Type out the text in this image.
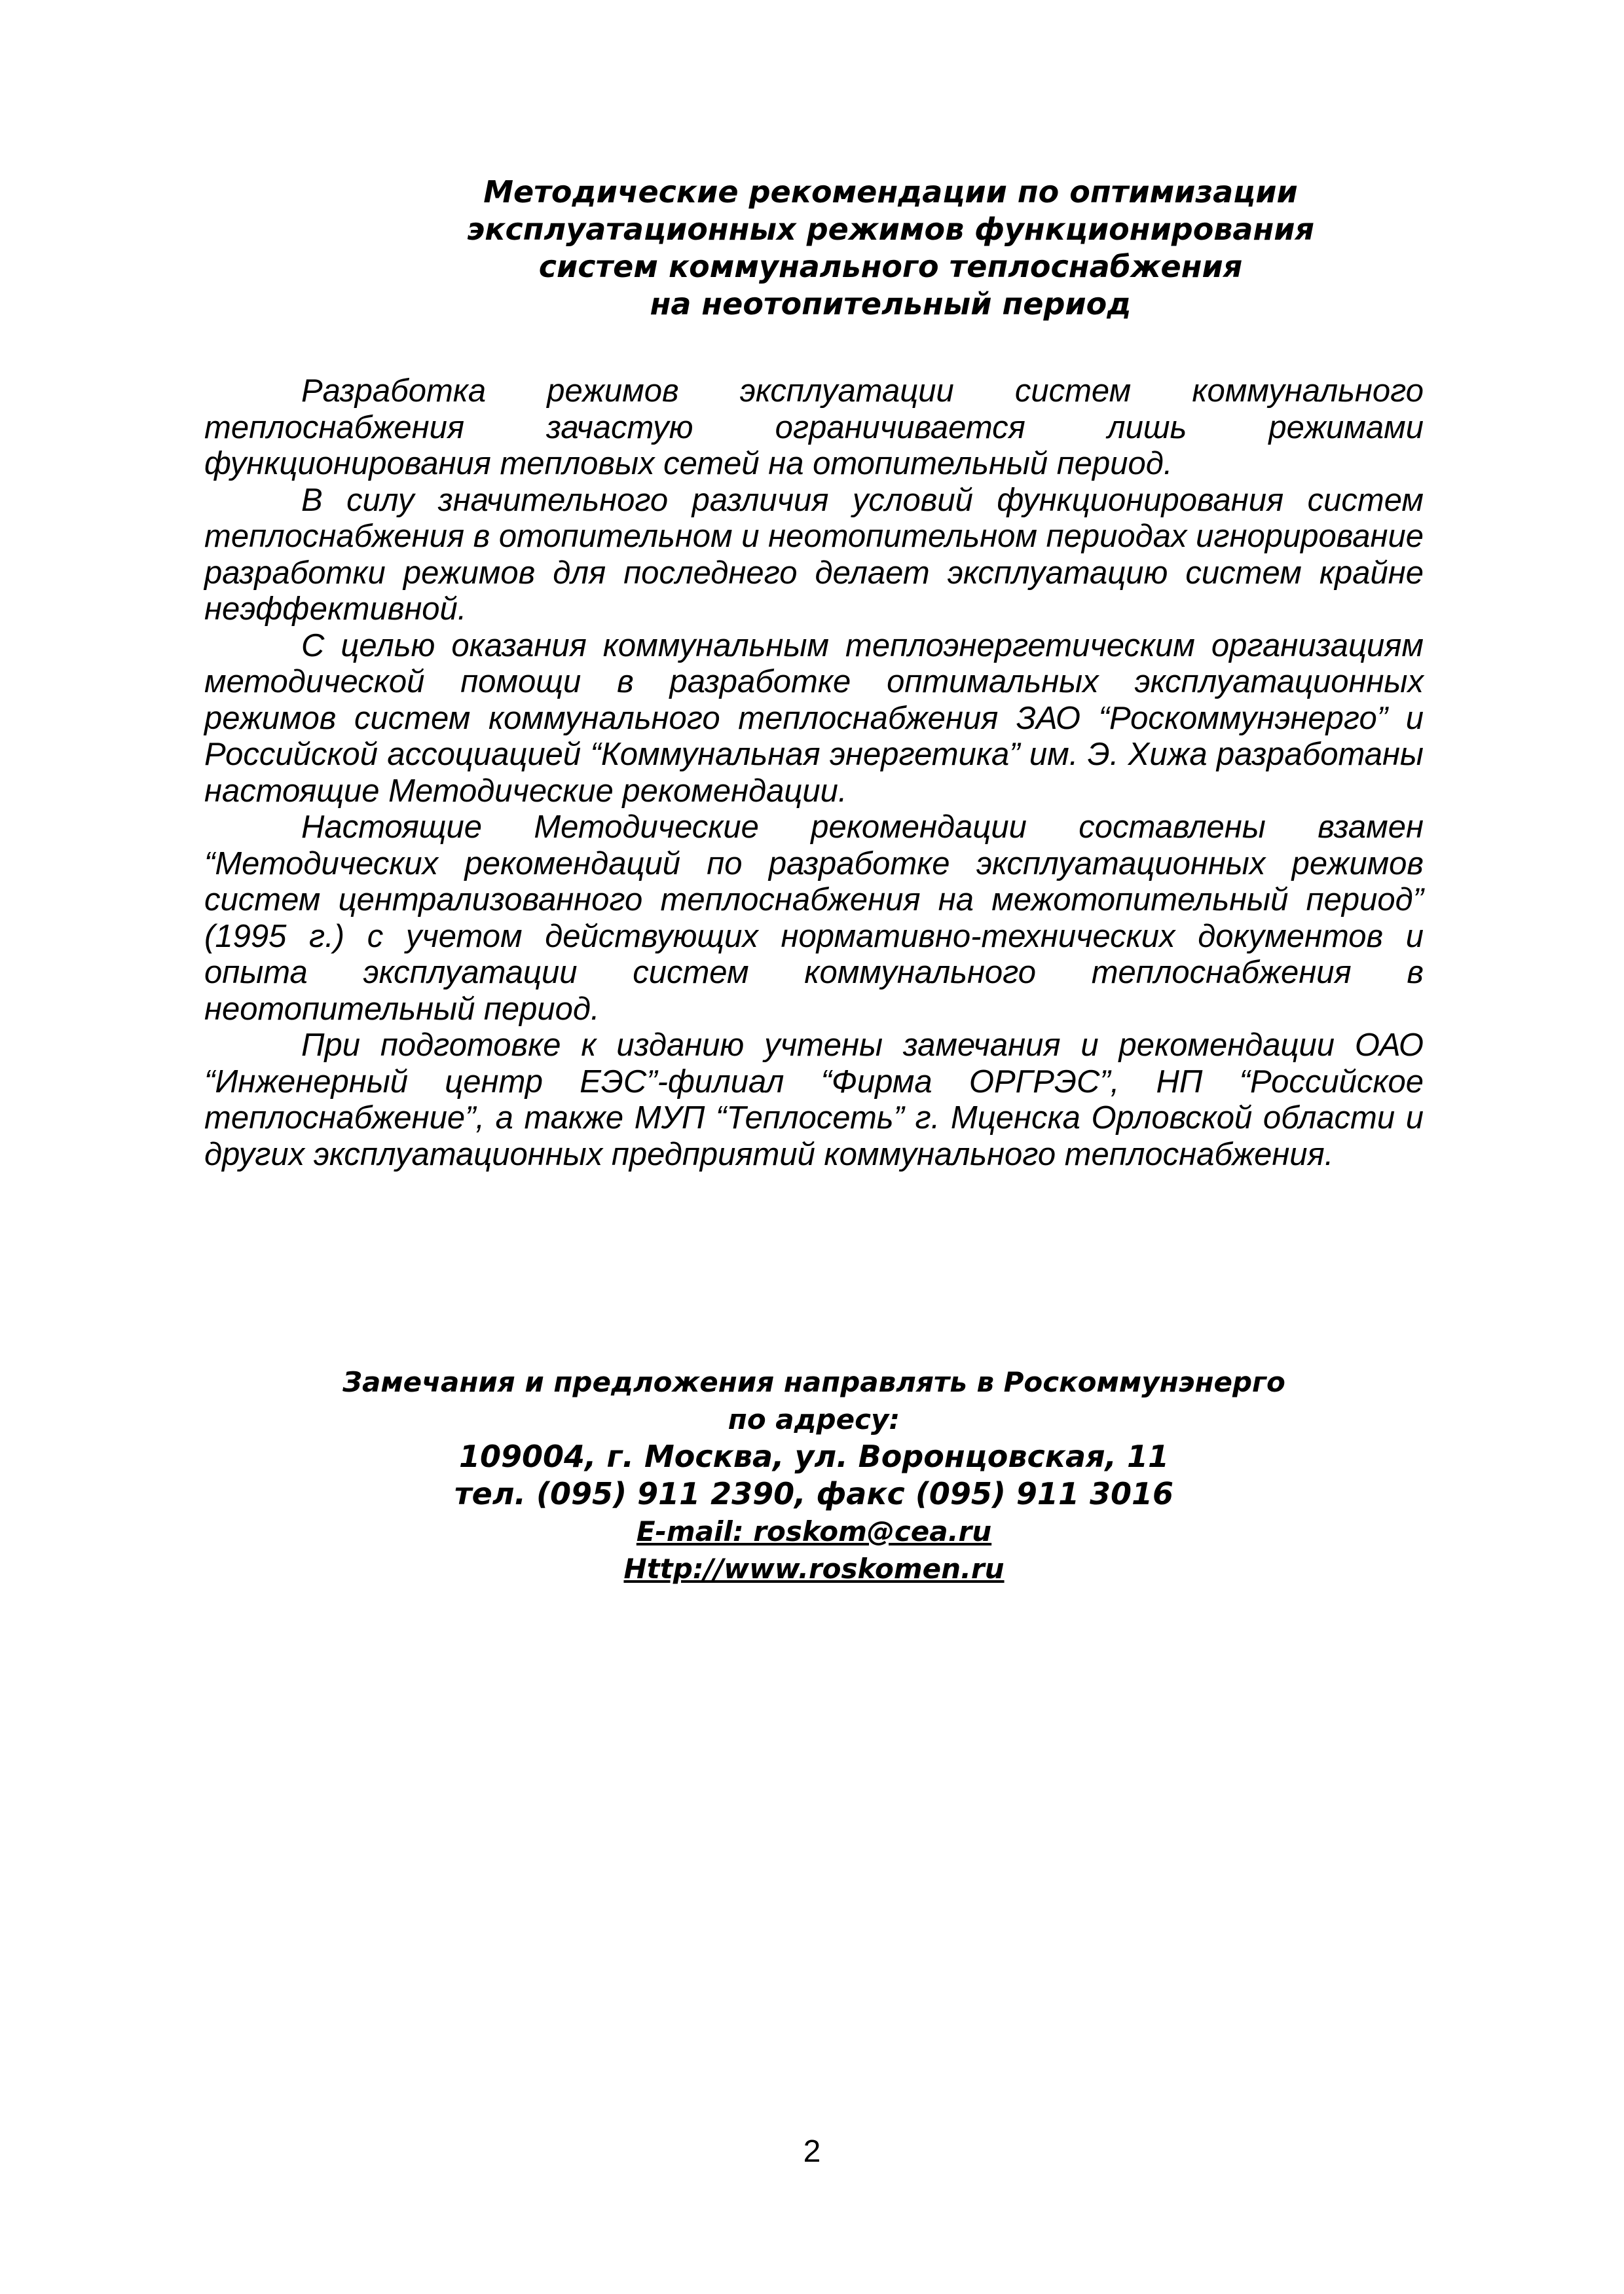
Методические рекомендации по оптимизации
эксплуатационных режимов функционирования
систем коммунального теплоснабжения
на неотопительный период

Разработка режимов эксплуатации систем коммунального теплоснабжения зачастую ограничивается лишь режимами функционирования тепловых сетей на отопительный период.

В силу значительного различия условий функционирования систем теплоснабжения в отопительном и неотопительном периодах игнорирование разработки режимов для последнего делает эксплуатацию систем крайне неэффективной.

С целью оказания коммунальным теплоэнергетическим организациям методической помощи в разработке оптимальных эксплуатационных режимов систем коммунального теплоснабжения ЗАО “Роскоммунэнерго” и Российской ассоциацией “Коммунальная энергетика” им. Э. Хижа разработаны настоящие Методические рекомендации.

Настоящие Методические рекомендации составлены взамен “Методических рекомендаций по разработке эксплуатационных режимов систем централизованного теплоснабжения на межотопительный период” (1995 г.) с учетом действующих нормативно-технических документов и опыта эксплуатации систем коммунального теплоснабжения в неотопительный период.

При подготовке к изданию учтены замечания и рекомендации ОАО “Инженерный центр ЕЭС”-филиал “Фирма ОРГРЭС”, НП “Российское теплоснабжение”, а также МУП “Теплосеть” г. Мценска Орловской области и других эксплуатационных предприятий коммунального теплоснабжения.

Замечания и предложения направлять в Роскоммунэнерго
по адресу:
109004, г. Москва, ул. Воронцовская, 11
тел. (095) 911 2390, факс (095) 911 3016
E-mail: roskom@cea.ru
Http://www.roskomen.ru
2
